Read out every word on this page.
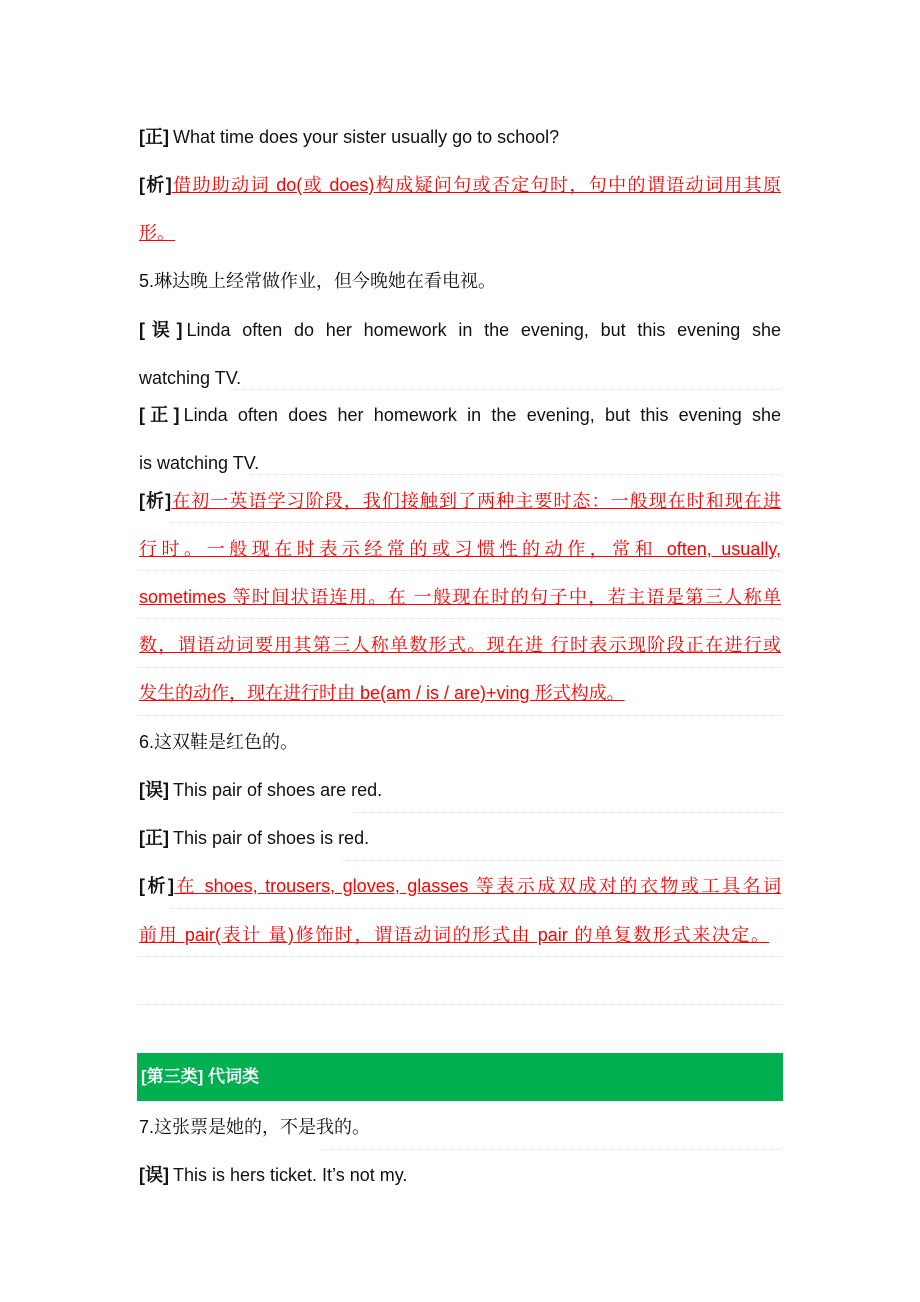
[正] What time does your sister usually go to school?
[析]借助助动词 do(或 does)构成疑问句或否定句时，句中的谓语动词用其原
形。
5.琳达晚上经常做作业，但今晚她在看电视。
[误] Linda often do her homework in the evening, but this evening she
watching TV.
[正] Linda often does her homework in the evening, but this evening she
is watching TV.
[析]在初一英语学习阶段，我们接触到了两种主要时态：一般现在时和现在进
行时。一般现在时表示经常的或习惯性的动作，常和 often, usually,
sometimes 等时间状语连用。在 一般现在时的句子中，若主语是第三人称单
数，谓语动词要用其第三人称单数形式。现在进 行时表示现阶段正在进行或
发生的动作，现在进行时由 be(am / is / are)+ving 形式构成。
6.这双鞋是红色的。
[误] This pair of shoes are red.
[正] This pair of shoes is red.
[析]在 shoes, trousers, gloves, glasses 等表示成双成对的衣物或工具名词
前用 pair(表计 量)修饰时，谓语动词的形式由 pair 的单复数形式来决定。
[第三类] 代词类
7.这张票是她的，不是我的。
[误] This is hers ticket. It’s not my.
